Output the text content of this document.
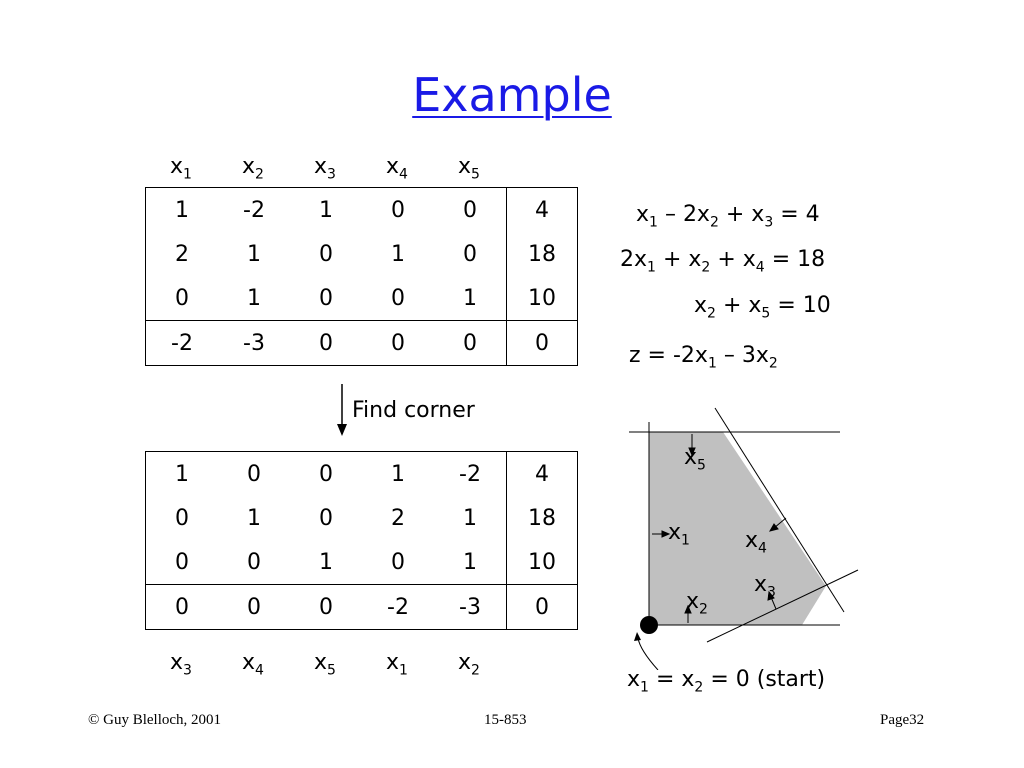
Example
$x_1$	$x_2$	$x_3$	$x_4$	$x_5$
1	-2	1	0	0	4
2	1	0	1	0	18
0	1	0	0	1	10
-2	-3	0	0	0	0
$x_1 - 2x_2 + x_3 = 4$
$2x_1 + x_2 + x_4 = 18$
$x_2 + x_5 = 10$
$z = -2x_1 - 3x_2$
Find corner
1	0	0	1	-2	4
0	1	0	2	1	18
0	0	1	0	1	10
0	0	0	-2	-3	0
$x_3$	$x_4$	$x_5$	$x_1$	$x_2$
$x_5$
$x_1$	$x_4$
$x_3$
$x_2$
$x_1 = x_2 = 0$ (start)
© Guy Blelloch, 2001	15-853	Page32
